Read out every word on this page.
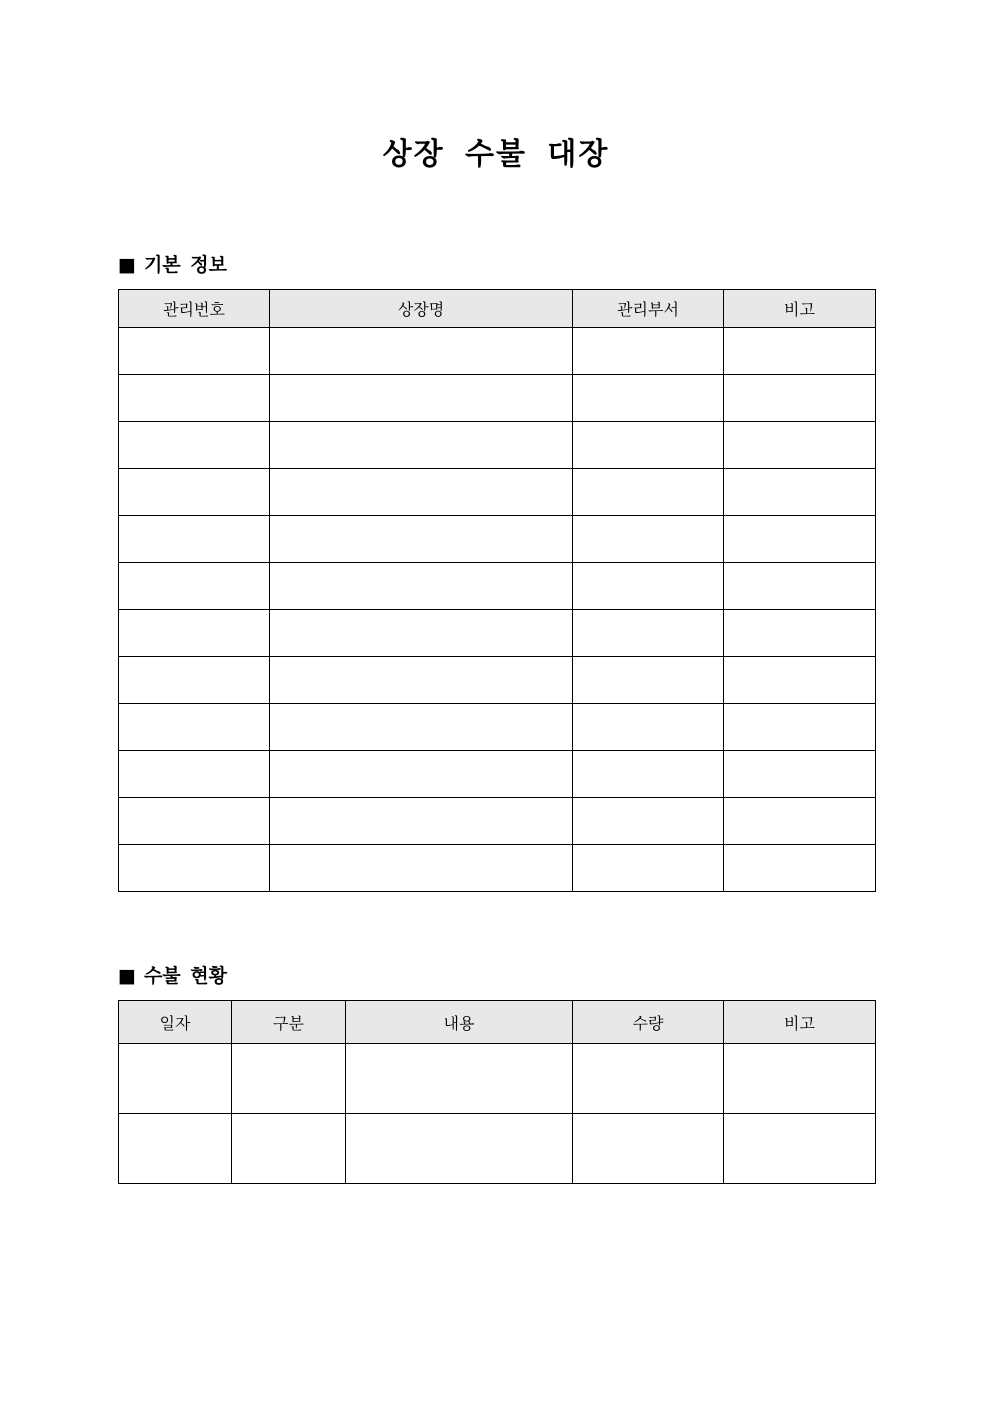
상장 수불 대장
■ 기본 정보
관리번호	상장명	관리부서	비고

■ 수불 현황
일자	구분	내용	수량	비고
